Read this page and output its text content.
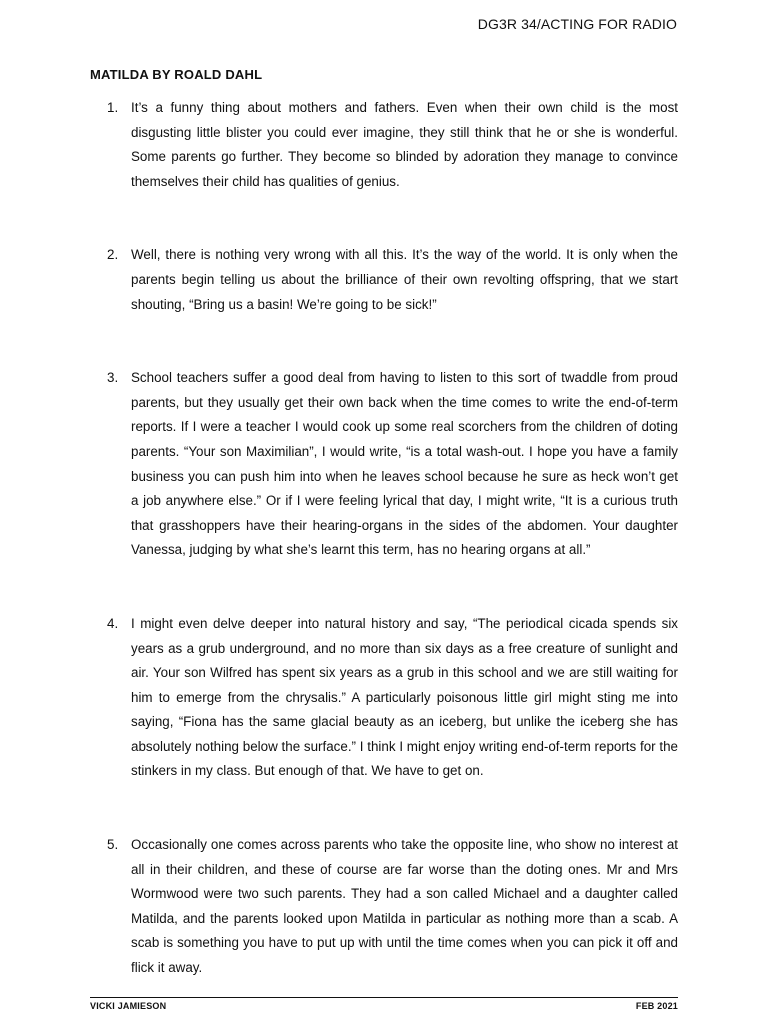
DG3R 34/ACTING FOR RADIO
MATILDA BY ROALD DAHL
1. It’s a funny thing about mothers and fathers. Even when their own child is the most disgusting little blister you could ever imagine, they still think that he or she is wonderful. Some parents go further. They become so blinded by adoration they manage to convince themselves their child has qualities of genius.
2. Well, there is nothing very wrong with all this. It’s the way of the world. It is only when the parents begin telling us about the brilliance of their own revolting offspring, that we start shouting, “Bring us a basin! We’re going to be sick!”
3. School teachers suffer a good deal from having to listen to this sort of twaddle from proud parents, but they usually get their own back when the time comes to write the end-of-term reports. If I were a teacher I would cook up some real scorchers from the children of doting parents. “Your son Maximilian”, I would write, “is a total wash-out. I hope you have a family business you can push him into when he leaves school because he sure as heck won’t get a job anywhere else.” Or if I were feeling lyrical that day, I might write, “It is a curious truth that grasshoppers have their hearing-organs in the sides of the abdomen. Your daughter Vanessa, judging by what she’s learnt this term, has no hearing organs at all.”
4. I might even delve deeper into natural history and say, “The periodical cicada spends six years as a grub underground, and no more than six days as a free creature of sunlight and air. Your son Wilfred has spent six years as a grub in this school and we are still waiting for him to emerge from the chrysalis.” A particularly poisonous little girl might sting me into saying, “Fiona has the same glacial beauty as an iceberg, but unlike the iceberg she has absolutely nothing below the surface.” I think I might enjoy writing end-of-term reports for the stinkers in my class. But enough of that. We have to get on.
5. Occasionally one comes across parents who take the opposite line, who show no interest at all in their children, and these of course are far worse than the doting ones. Mr and Mrs Wormwood were two such parents. They had a son called Michael and a daughter called Matilda, and the parents looked upon Matilda in particular as nothing more than a scab. A scab is something you have to put up with until the time comes when you can pick it off and flick it away.
VICKI JAMIESON	FEB 2021
